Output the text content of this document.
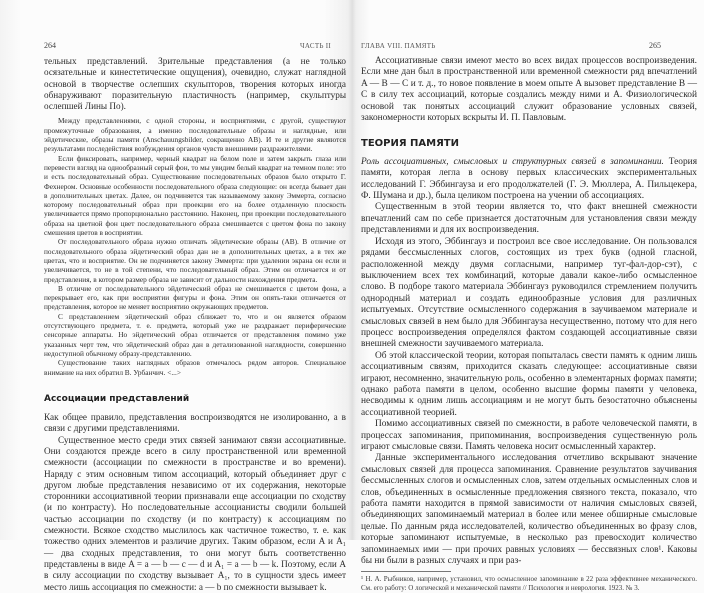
264	ЧАСТЬ II

тельных представлений. Зрительные представления (а не только осязательные и кинестетические ощущения), очевидно, служат наглядной основой в творчестве ослепших скульпторов, творения которых иногда обнаруживают поразительную пластичность (например, скульптуры ослепшей Лины По).

Между представлениями, с одной стороны, и восприятиями, с другой, существуют промежуточные образования, а именно последовательные образы и наглядные, или эйдетические, образы памяти (Anschauungsbilder, сокращенно АВ). И те и другие являются результатами последействия возбуждения органов чувств внешними раздражителями.

Если фиксировать, например, черный квадрат на белом поле и затем закрыть глаза или перевести взгляд на однообразный серый фон, то мы увидим белый квадрат на темном поле: это и есть последовательный образ. Существование последовательных образов было открыто Г. Фехнером. Основные особенности последовательного образа следующие: он всегда бывает дан в дополнительных цветах. Далее, он подчиняется так называемому закону Эммерта, согласно которому последовательный образ при проекции его на более отдаленную плоскость увеличивается прямо пропорционально расстоянию. Наконец, при проекции последовательного образа на цветной фон цвет последовательного образа смешивается с цветом фона по закону смешения цветов в восприятии.

От последовательного образа нужно отличать эйдетические образы (АВ). В отличие от последовательного образа эйдетический образ дан не в дополнительных цветах, а в тех же цветах, что и восприятие. Он не подчиняется закону Эммерта: при удалении экрана он если и увеличивается, то не в той степени, что последовательный образ. Этим он отличается и от представления, в котором размер образа не зависит от дальности нахождения предмета.

В отличие от последовательного эйдетический образ не смешивается с цветом фона, а перекрывает его, как при восприятии фигуры и фона. Этим он опять-таки отличается от представления, которое не меняет восприятию окружающих предметов.

С представлением эйдетический образ сближает то, что и он является образом отсутствующего предмета, т. е. предмета, который уже не раздражает периферические сенсорные аппараты. Но эйдетический образ отличается от представления помимо уже указанных черт тем, что эйдетический образ дан в детализованной наглядности, совершенно недоступной обычному образу-представлению.

Существование таких наглядных образов отмечалось рядом авторов. Специальное внимание на них обратил В. Урбанчич. <...>

Ассоциации представлений

Как общее правило, представления воспроизводятся не изолированно, а в связи с другими представлениями.

Существенное место среди этих связей занимают связи ассоциативные. Они создаются прежде всего в силу пространственной или временной смежности (ассоциации по смежности в пространстве и во времени). Наряду с этим основным типом ассоциаций, который объединяет друг с другом любые представления независимо от их содержания, некоторые сторонники ассоциативной теории признавали еще ассоциации по сходству (и по контрасту). Но последовательные ассоцианисты сводили большей частью ассоциации по сходству (и по контрасту) к ассоциациям по смежности. Всякое сходство мыслилось как частичное тожество, т. е. как тожество одних элементов и различие других. Таким образом, если A и A₁ — два сходных представления, то они могут быть соответственно представлены в виде A = a — b — c — d и A₁ = a — b — k. Поэтому, если A в силу ассоциации по сходству вызывает A₁, то в сущности здесь имеет место лишь ассоциация по смежности: a — b по смежности вызывает k.

ГЛАВА VIII. ПАМЯТЬ	265

Ассоциативные связи имеют место во всех видах процессов воспроизведения. Если мне дан был в пространственной или временной смежности ряд впечатлений A — B — C и т. д., то новое появление в моем опыте A вызовет представление B — C в силу тех ассоциаций, которые создались между ними и A. Физиологической основой так понятых ассоциаций служит образование условных связей, закономерности которых вскрыты И. П. Павловым.

ТЕОРИЯ ПАМЯТИ

Роль ассоциативных, смысловых и структурных связей в запоминании. Теория памяти, которая легла в основу первых классических экспериментальных исследований Г. Эббингауза и его продолжателей (Г. Э. Мюллера, А. Пильцекера, Ф. Шумана и др.), была целиком построена на учении об ассоциациях.

Существенным в этой теории является то, что факт внешней смежности впечатлений сам по себе признается достаточным для установления связи между представлениями и для их воспроизведения.

Исходя из этого, Эббингауз и построил все свое исследование. Он пользовался рядами бессмысленных слогов, состоящих из трех букв (одной гласной, расположенной между двумя согласными, например туг-фал-дор-сэт), с выключением всех тех комбинаций, которые давали какое-либо осмысленное слово. В подборе такого материала Эббингауз руководился стремлением получить однородный материал и создать единообразные условия для различных испытуемых. Отсутствие осмысленного содержания в заучиваемом материале и смысловых связей в нем было для Эббингауза несущественно, потому что для него процесс воспроизведения определялся фактом создающей ассоциативные связи внешней смежности заучиваемого материала.

Об этой классической теории, которая попыталась свести память к одним лишь ассоциативным связям, приходится сказать следующее: ассоциативные связи играют, несомненно, значительную роль, особенно в элементарных формах памяти; однако работа памяти в целом, особенно высшие формы памяти у человека, несводимы к одним лишь ассоциациям и не могут быть безостаточно объяснены ассоциативной теорией.

Помимо ассоциативных связей по смежности, в работе человеческой памяти, в процессах запоминания, припоминания, воспроизведения существенную роль играют смысловые связи. Память человека носит осмысленный характер.

Данные экспериментального исследования отчетливо вскрывают значение смысловых связей для процесса запоминания. Сравнение результатов заучивания бессмысленных слогов и осмысленных слов, затем отдельных осмысленных слов и слов, объединенных в осмысленные предложения связного текста, показало, что работа памяти находится в прямой зависимости от наличия смысловых связей, объединяющих запоминаемый материал в более или менее обширные смысловые целые. По данным ряда исследователей, количество объединенных во фразу слов, которые запоминают испытуемые, в несколько раз превосходит количество запоминаемых ими — при прочих равных условиях — бессвязных слов¹. Каковы бы ни были в разных случаях и при раз-

¹ Н. А. Рыбников, например, установил, что осмысленное запоминание в 22 раза эффективнее механического. См. его работу: О логической и механической памяти // Психология и неврология. 1923. № 3.
